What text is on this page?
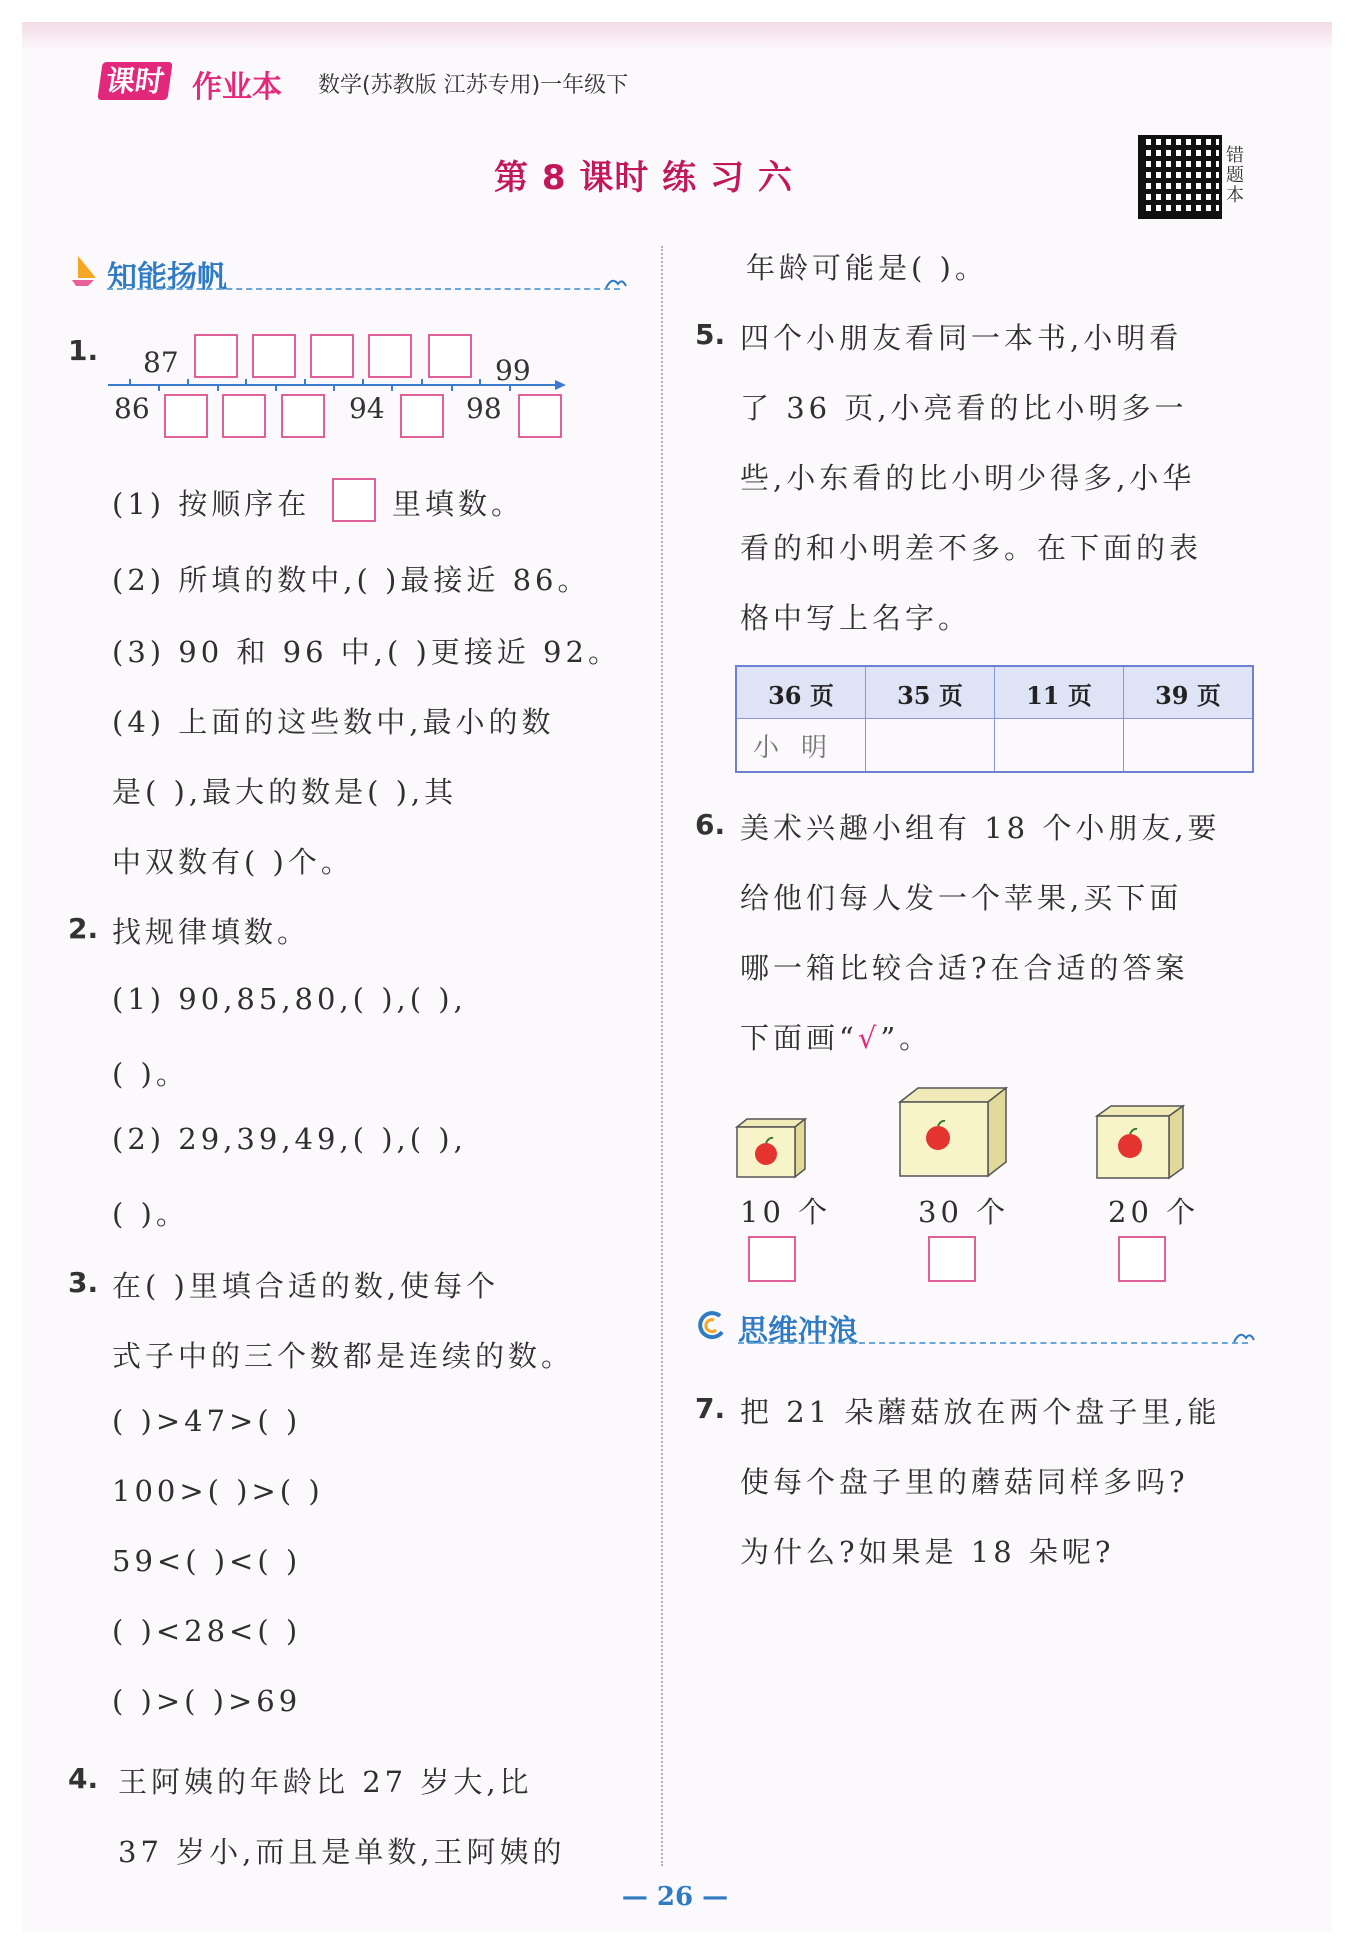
课时 作业本 数学(苏教版 江苏专用)一年级下
第 8 课时 练 习 六
错题本
知能扬帆
1. 87	99
86	94	98
(1) 按顺序在	里填数。
(2) 所填的数中,( )最接近 86。
(3) 90 和 96 中,( )更接近 92。
(4) 上面的这些数中,最小的数
是( ),最大的数是( ),其
中双数有( )个。
2. 找规律填数。
(1) 90,85,80,( ),( ),
( )。
(2) 29,39,49,( ),( ),
( )。
3. 在( )里填合适的数,使每个
式子中的三个数都是连续的数。
( )>47>( )
100>( )>( )
59<( )<( )
( )<28<( )
( )>( )>69
4. 王阿姨的年龄比 27 岁大,比
37 岁小,而且是单数,王阿姨的
年龄可能是( )。
5. 四个小朋友看同一本书,小明看
了 36 页,小亮看的比小明多一
些,小东看的比小明少得多,小华
看的和小明差不多。在下面的表
格中写上名字。
36 页	35 页	11 页	39 页
小明
6. 美术兴趣小组有 18 个小朋友,要
给他们每人发一个苹果,买下面
哪一箱比较合适?在合适的答案
下面画“√”。
10 个	30 个	20 个
思维冲浪
7. 把 21 朵蘑菇放在两个盘子里,能
使每个盘子里的蘑菇同样多吗?
为什么?如果是 18 朵呢?
— 26 —
